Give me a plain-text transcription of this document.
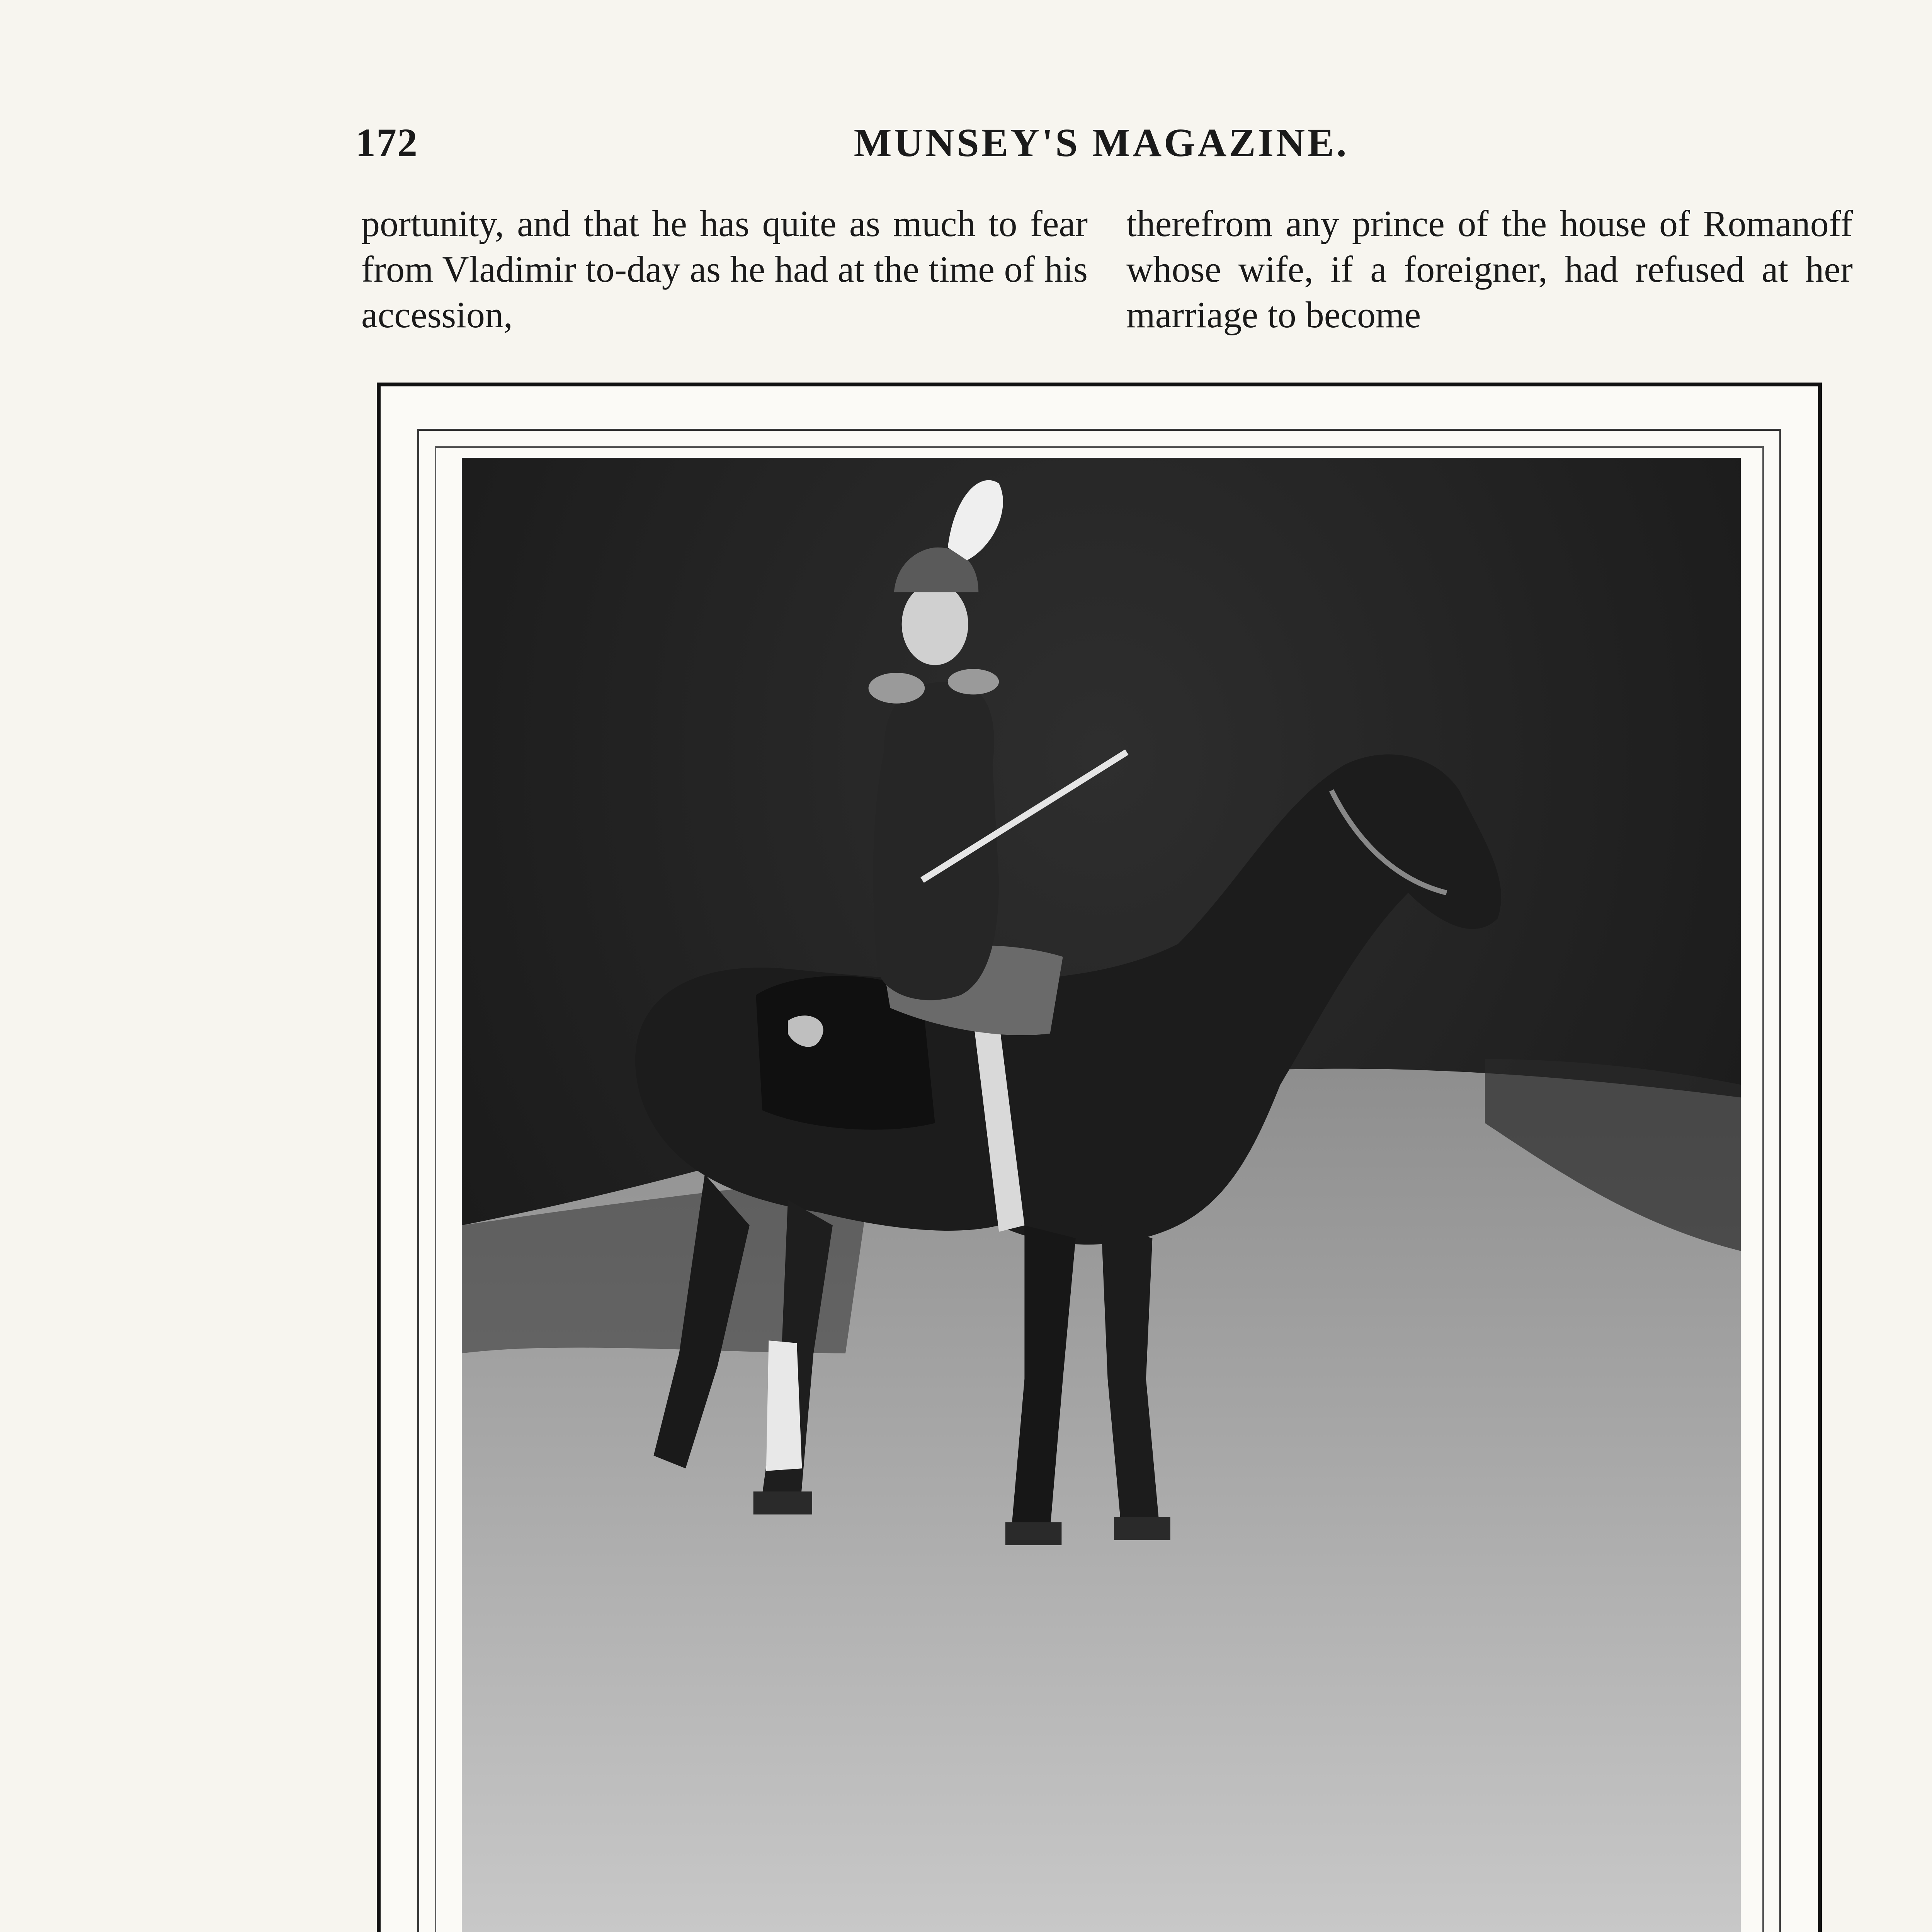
172	MUNSEY'S MAGAZINE.

portunity, and that he has quite as much to fear from Vladimir to-day as he had at the time of his accession,

therefrom any prince of the house of Romanoff whose wife, if a foreigner, had refused at her marriage to become
